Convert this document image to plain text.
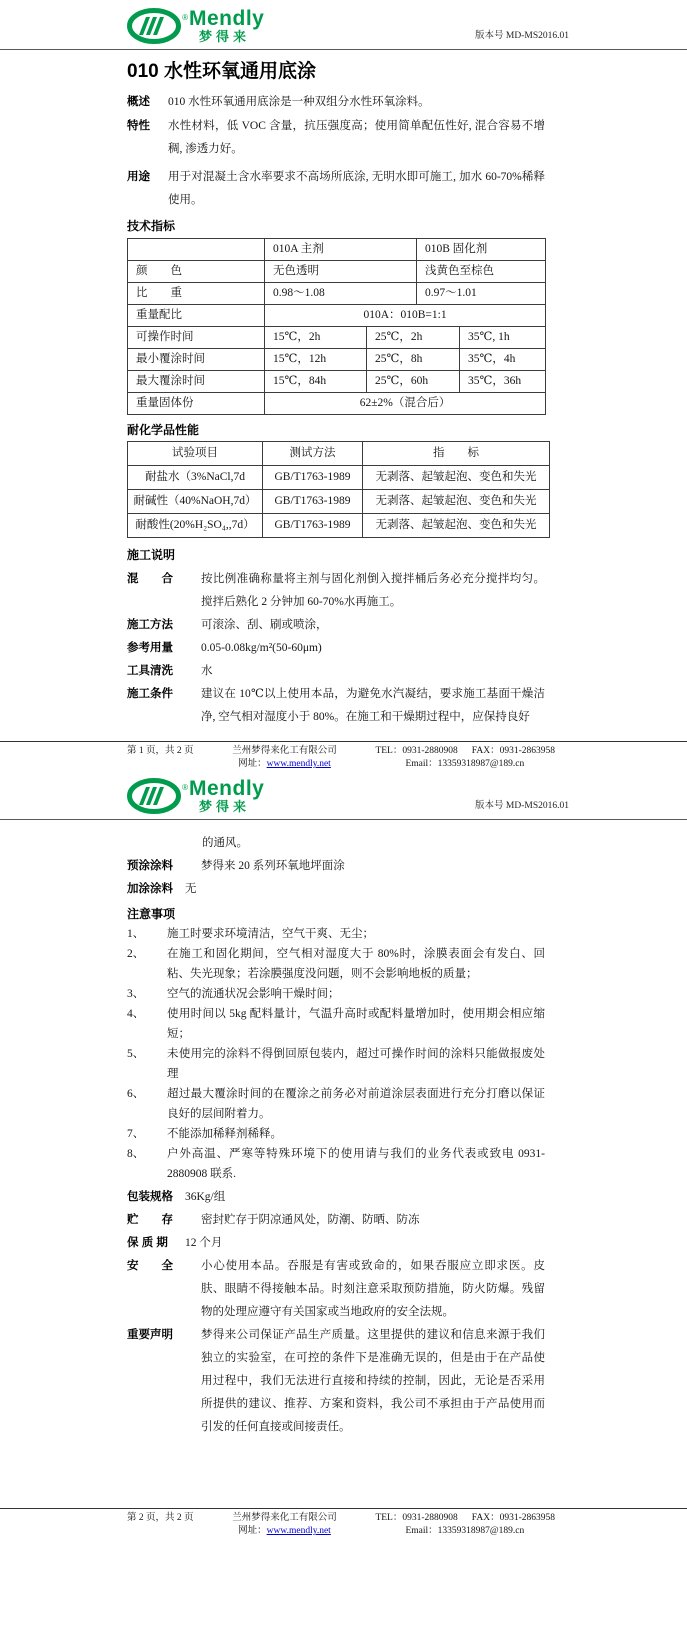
® Mendly
梦得来	版本号 MD-MS2016.01
010 水性环氧通用底涂
概述	010 水性环氧通用底涂是一种双组分水性环氧涂料。
特性	水性材料，低 VOC 含量，抗压强度高；使用简单配伍性好, 混合容易不增稠, 渗透力好。
用途	用于对混凝土含水率要求不高场所底涂, 无明水即可施工, 加水 60-70%稀释使用。
技术指标
	010A 主剂		010B 固化剂	
颜　　色	无色透明		浅黄色至棕色	
比　　重	0.98～1.08		0.97～1.01	
重量配比	010A：010B=1:1			
可操作时间	15℃，2h	25℃，2h		35℃, 1h
最小覆涂时间	15℃，12h	25℃，8h		35℃，4h
最大覆涂时间	15℃，84h	25℃，60h		35℃，36h
重量固体份	62±2%（混合后）			
耐化学品性能
试验项目	测试方法	指　　标
耐盐水（3%NaCl,7d	GB/T1763-1989	无剥落、起皱起泡、变色和失光
耐碱性（40%NaOH,7d）	GB/T1763-1989	无剥落、起皱起泡、变色和失光
耐酸性(20%H₂SO₄,,7d）	GB/T1763-1989	无剥落、起皱起泡、变色和失光
施工说明
混　　合	按比例准确称量将主剂与固化剂倒入搅拌桶后务必充分搅拌均匀。搅拌后熟化 2 分钟加 60-70%水再施工。
施工方法	可滚涂、刮、刷或喷涂，
参考用量	0.05-0.08kg/m²(50-60μm)
工具清洗	水
施工条件	建议在 10℃以上使用本品，为避免水汽凝结，要求施工基面干燥洁净, 空气相对湿度小于 80%。在施工和干燥期过程中，应保持良好
第 1 页，共 2 页	兰州梦得来化工有限公司
网址：www.mendly.net
TEL：0931-2880908 FAX：0931-2863958
Email：13359318987@189.cn
® Mendly
梦得来	版本号 MD-MS2016.01
的通风。
预涂涂料	梦得来 20 系列环氧地坪面涂
加涂涂料	无
注意事项
1、	施工时要求环境清洁，空气干爽、无尘；
2、	在施工和固化期间，空气相对湿度大于 80%时，涂膜表面会有发白、回粘、失光现象；若涂膜强度没问题，则不会影响地板的质量；
3、	空气的流通状况会影响干燥时间；
4、	使用时间以 5kg 配料量计，气温升高时或配料量增加时，使用期会相应缩短；
5、	未使用完的涂料不得倒回原包装内，超过可操作时间的涂料只能做报废处理
6、	超过最大覆涂时间的在覆涂之前务必对前道涂层表面进行充分打磨以保证良好的层间附着力。
7、	不能添加稀释剂稀释。
8、	户外高温、严寒等特殊环境下的使用请与我们的业务代表或致电 0931-2880908 联系.
包装规格	36Kg/组
贮　　存	密封贮存于阴凉通风处，防潮、防晒、防冻
保 质 期	12 个月
安　　全	小心使用本品。吞服是有害或致命的，如果吞服应立即求医。皮肤、眼睛不得接触本品。时刻注意采取预防措施，防火防爆。残留物的处理应遵守有关国家或当地政府的安全法规。
重要声明	梦得来公司保证产品生产质量。这里提供的建议和信息来源于我们独立的实验室，在可控的条件下是准确无误的，但是由于在产品使用过程中，我们无法进行直接和持续的控制，因此，无论是否采用所提供的建议、推荐、方案和资料，我公司不承担由于产品使用而引发的任何直接或间接责任。
第 2 页，共 2 页	兰州梦得来化工有限公司
网址：www.mendly.net
TEL：0931-2880908 FAX：0931-2863958
Email：13359318987@189.cn
